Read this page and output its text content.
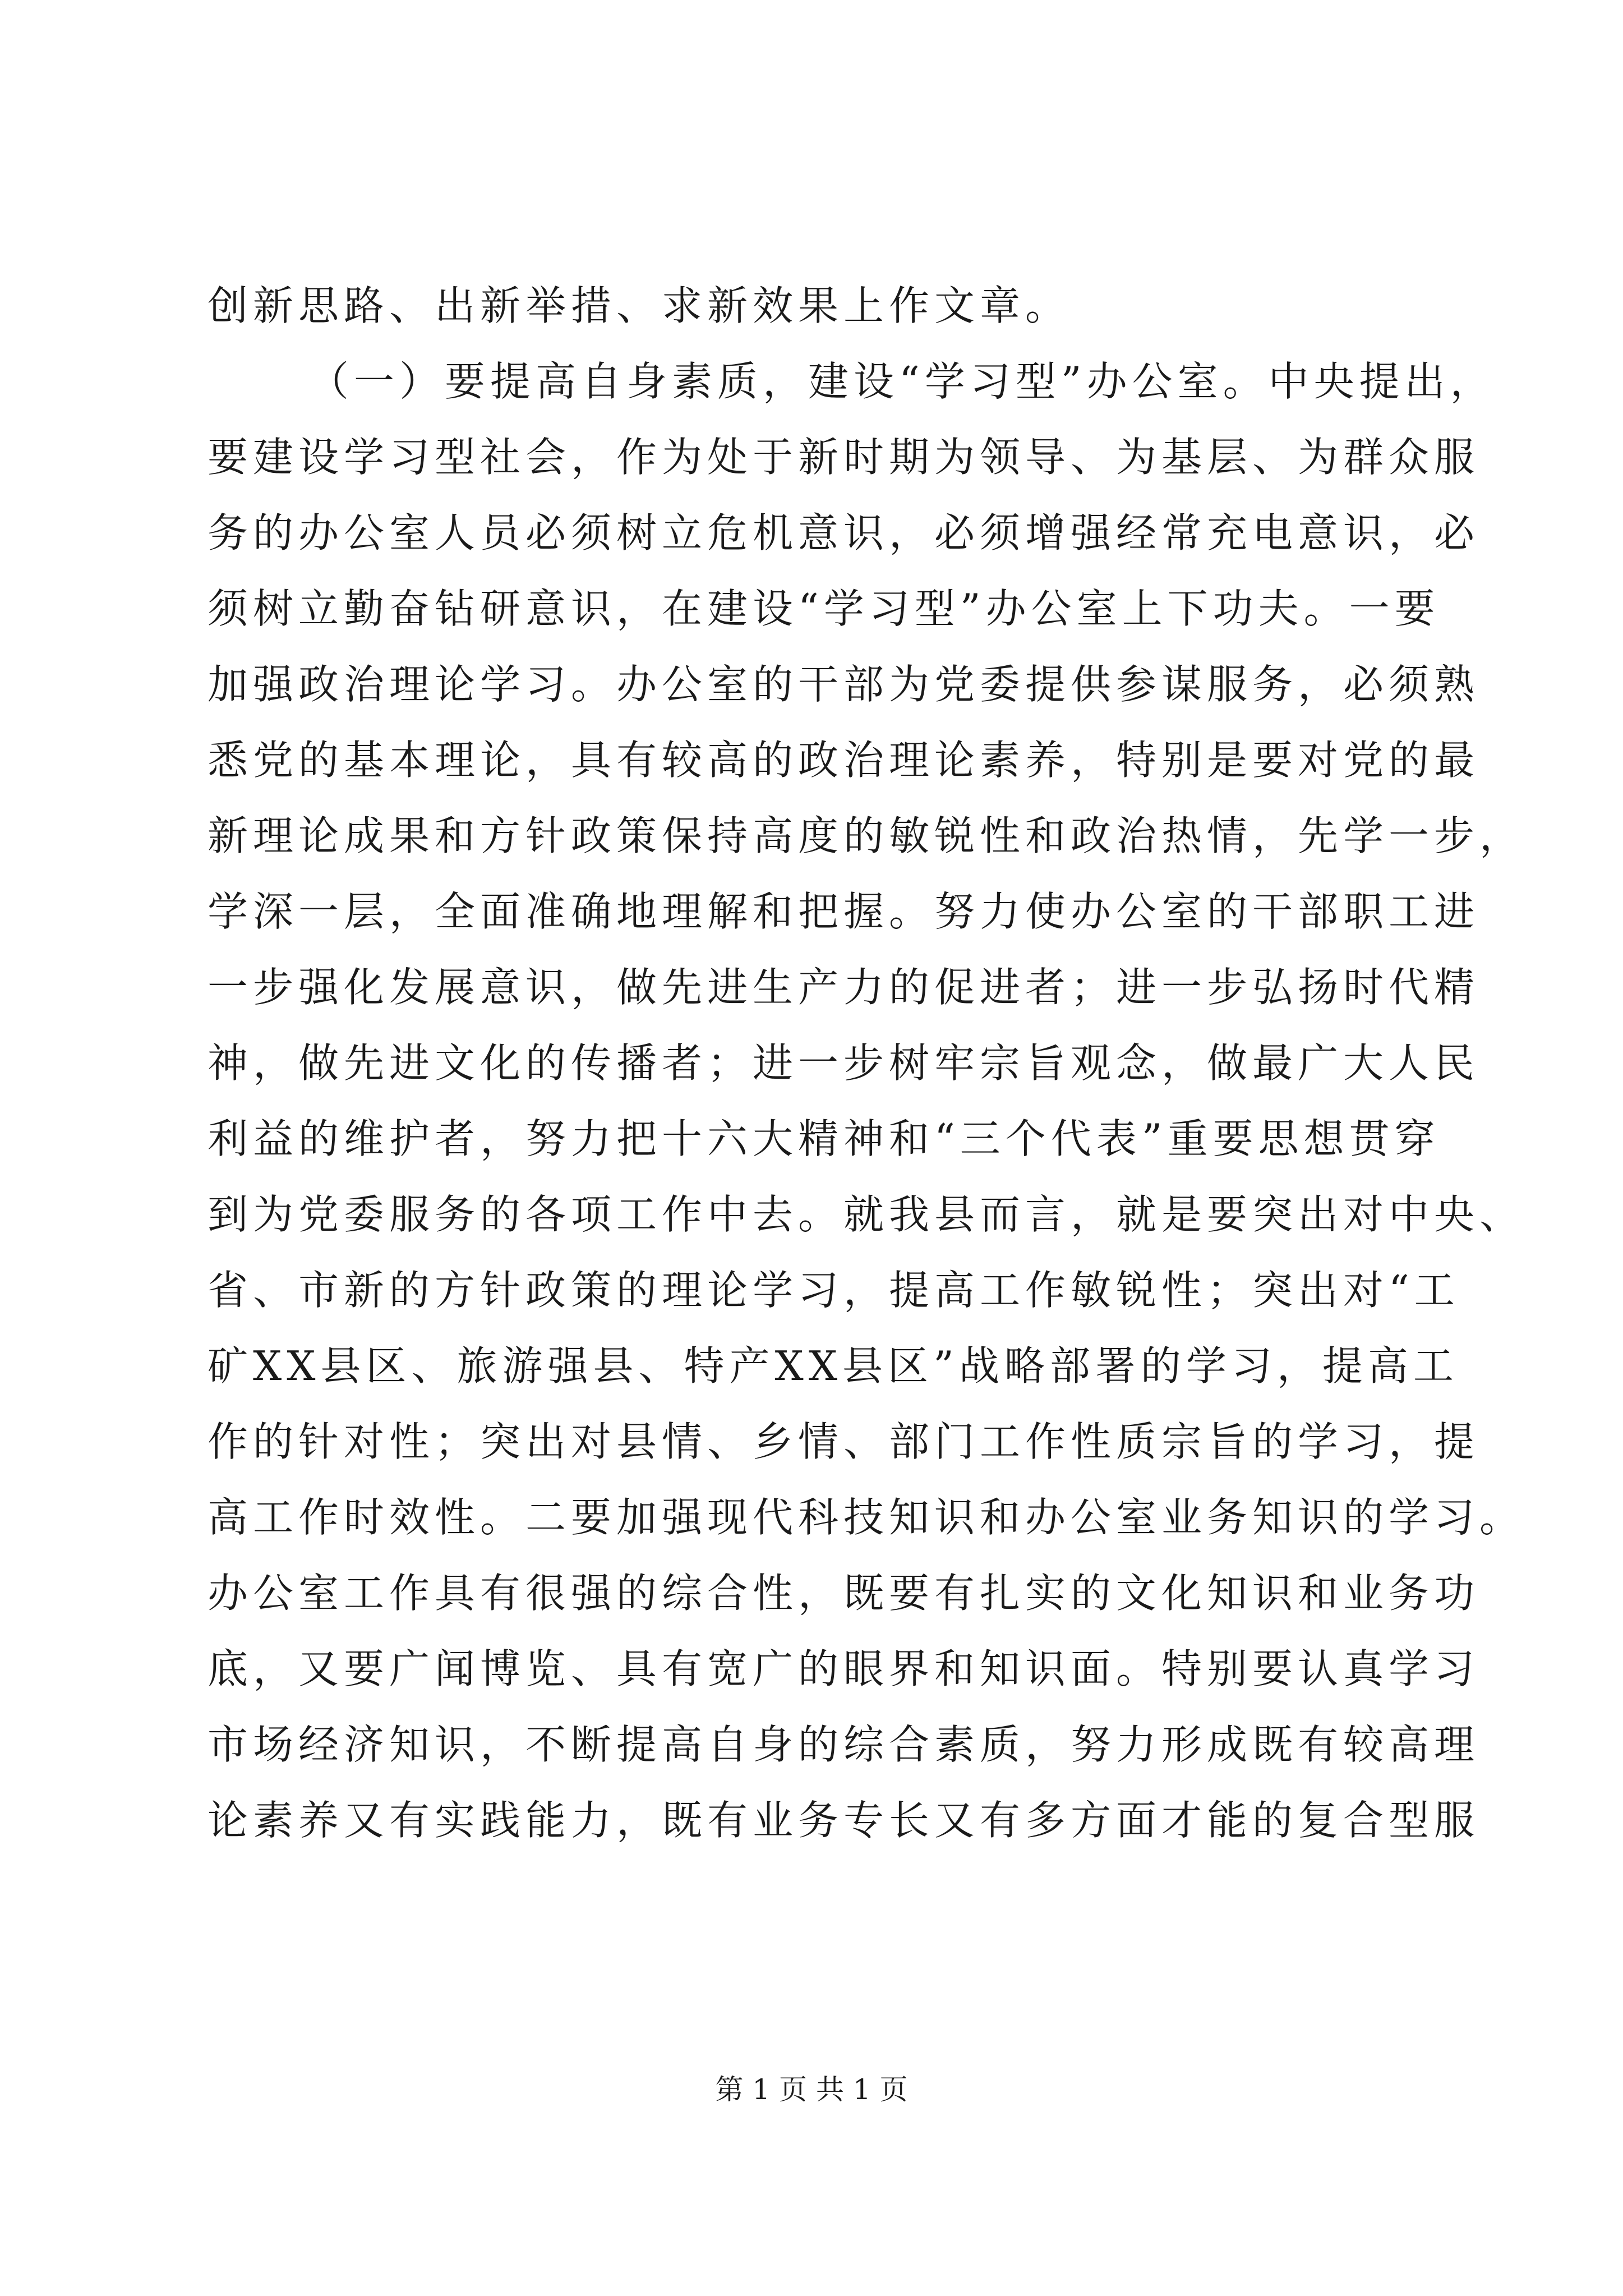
创新思路、出新举措、求新效果上作文章。
（一）要提高自身素质，建设“学习型”办公室。中央提出，
要建设学习型社会，作为处于新时期为领导、为基层、为群众服
务的办公室人员必须树立危机意识，必须增强经常充电意识，必
须树立勤奋钻研意识，在建设“学习型”办公室上下功夫。一要
加强政治理论学习。办公室的干部为党委提供参谋服务，必须熟
悉党的基本理论，具有较高的政治理论素养，特别是要对党的最
新理论成果和方针政策保持高度的敏锐性和政治热情，先学一步，
学深一层，全面准确地理解和把握。努力使办公室的干部职工进
一步强化发展意识，做先进生产力的促进者；进一步弘扬时代精
神，做先进文化的传播者；进一步树牢宗旨观念，做最广大人民
利益的维护者，努力把十六大精神和“三个代表”重要思想贯穿
到为党委服务的各项工作中去。就我县而言，就是要突出对中央、
省、市新的方针政策的理论学习，提高工作敏锐性；突出对“工
矿XX县区、旅游强县、特产XX县区”战略部署的学习，提高工
作的针对性；突出对县情、乡情、部门工作性质宗旨的学习，提
高工作时效性。二要加强现代科技知识和办公室业务知识的学习。
办公室工作具有很强的综合性，既要有扎实的文化知识和业务功
底，又要广闻博览、具有宽广的眼界和知识面。特别要认真学习
市场经济知识，不断提高自身的综合素质，努力形成既有较高理
论素养又有实践能力，既有业务专长又有多方面才能的复合型服
第 1 页 共 1 页
